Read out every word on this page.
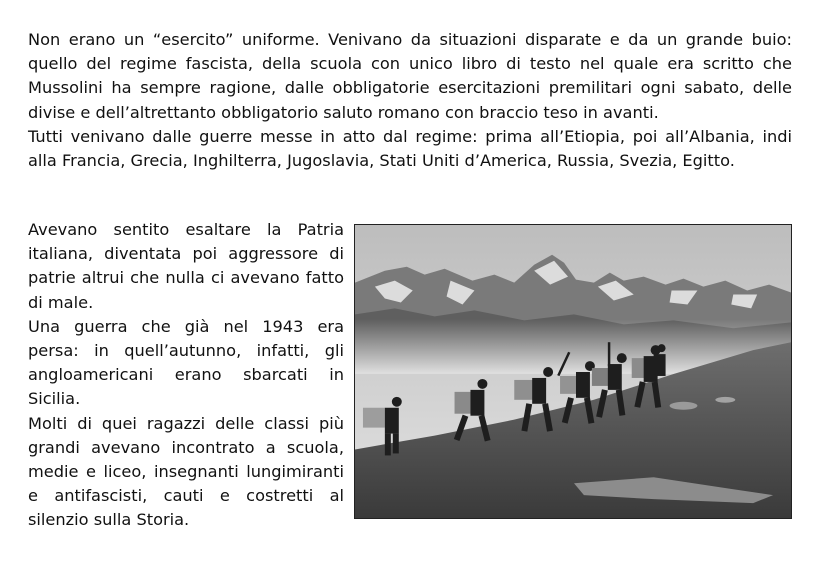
Non erano un “esercito” uniforme. Venivano da situazioni disparate e da un grande buio: quello del regime fascista, della scuola con unico libro di testo nel quale era scritto che Mussolini ha sempre ragione, dalle obbligatorie esercitazioni premilitari ogni sabato, delle divise e dell’altrettanto obbligatorio saluto romano con braccio teso in avanti.

Tutti venivano dalle guerre messe in atto dal regime: prima all’Etiopia, poi all’Albania, indi alla Francia, Grecia, Inghilterra, Jugoslavia, Stati Uniti d’America, Russia, Svezia, Egitto.

Avevano sentito esaltare la Patria italiana, diventata poi aggressore di patrie altrui che nulla ci avevano fatto di male.

Una guerra che già nel 1943 era persa: in quell’autunno, infatti, gli angloamericani erano sbarcati in Sicilia.

Molti di quei ragazzi delle classi più grandi avevano incontrato a scuola, medie e liceo, insegnanti lungimiranti e antifascisti, cauti e costretti al silenzio sulla Storia.
